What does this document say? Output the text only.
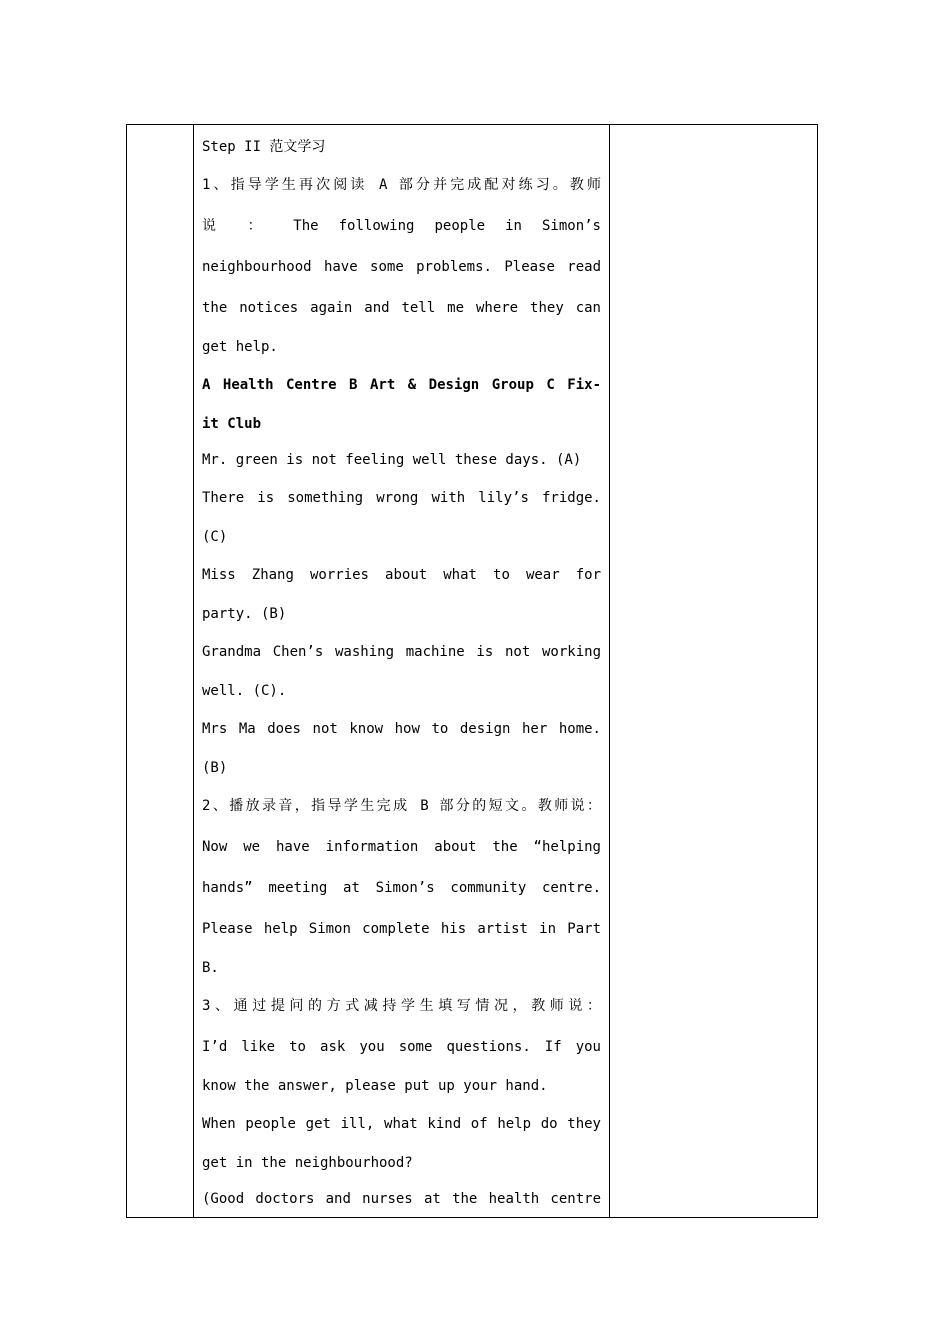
Step II 范文学习
1、指导学生再次阅读 A 部分并完成配对练习。教师
说 ： The following people in Simon’s
neighbourhood have some problems. Please read
the notices again and tell me where they can
get help.
A Health Centre B Art & Design Group C Fix-
it Club
Mr. green is not feeling well these days. (A)
There is something wrong with lily’s fridge.
(C)
Miss Zhang worries about what to wear for
party. (B)
Grandma Chen’s washing machine is not working
well. (C).
Mrs Ma does not know how to design her home.
(B)
2、播放录音，指导学生完成 B 部分的短文。教师说：
Now we have information about the “helping
hands” meeting at Simon’s community centre.
Please help Simon complete his artist in Part
B.
3、通过提问的方式减持学生填写情况，教师说：
I’d like to ask you some questions. If you
know the answer, please put up your hand.
When people get ill, what kind of help do they
get in the neighbourhood?
(Good doctors and nurses at the health centre
